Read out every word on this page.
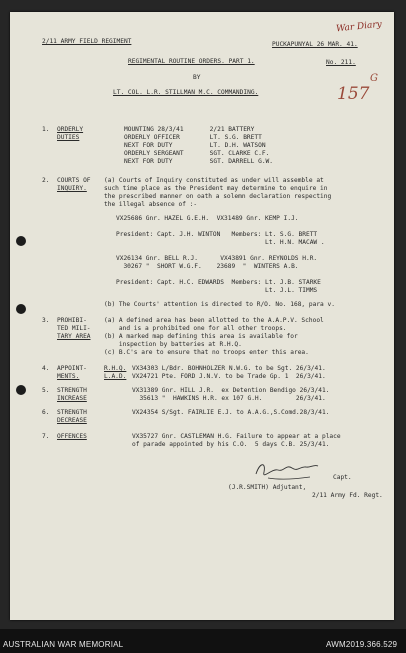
War Diary
157
G
2/11 ARMY FIELD REGIMENT	PUCKAPUNYAL 26 MAR. 41.
REGIMENTAL ROUTINE ORDERS. PART 1.	No. 211.
BY
LT. COL. L.R. STILLMAN M.C. COMMANDING.
1. ORDERLY
DUTIES
MOUNTING 28/3/41       2/21 BATTERY
ORDERLY OFFICER        LT. S.G. BRETT
NEXT FOR DUTY          LT. D.H. WATSON
ORDERLY SERGEANT       SGT. CLARKE C.F.
NEXT FOR DUTY          SGT. DARRELL G.W.
2. COURTS OF
INQUIRY.
(a) Courts of Inquiry constituted as under will assemble at
such time place as the President may determine to enquire in
the prescribed manner on oath a solemn declaration respecting
the illegal absence of :-
VX25686 Gnr. HAZEL G.E.H.  VX31489 Gnr. KEMP I.J.
President: Capt. J.H. WINTON   Members: Lt. S.G. BRETT
Lt. H.N. MACAW .
VX26134 Gnr. BELL R.J.      VX43891 Gnr. REYNOLDS H.R.
30267 "  SHORT W.G.F.    23689  "  WINTERS A.B.
President: Capt. H.C. EDWARDS  Members: Lt. J.B. STARKE
Lt. J.L. TIMMS
(b) The Courts' attention is directed to R/O. No. 168, para v.
3. PROHIBI-
TED MILI-
TARY AREA
(a) A defined area has been allotted to the A.A.P.V. School
and is a prohibited one for all other troops.
(b) A marked map defining this area is available for
inspection by batteries at R.H.Q.
(c) B.C's are to ensure that no troops enter this area.
4. APPOINT-
MENTS.
R.H.Q.
L.A.D.
VX34303 L/Bdr. BOHNHOLZER N.W.G. to be Sgt. 26/3/41.
VX24721 Pte. FORD J.N.V. to be Trade Gp. 1  26/3/41.
5. STRENGTH
INCREASE
VX31389 Gnr. HILL J.R.  ex Detention Bendigo 26/3/41.
35613 "  HAWKINS H.R. ex 107 G.H.         26/3/41.
6. STRENGTH
DECREASE
VX24354 S/Sgt. FAIRLIE E.J. to A.A.G.,S.Comd.28/3/41.
7. OFFENCES	VX35727 Gnr. CASTLEMAN H.G. Failure to appear at a place
of parade appointed by his C.O.  5 days C.B. 25/3/41.
Capt.
(J.R.SMITH) Adjutant,
2/11 Army Fd. Regt.
AUSTRALIAN WAR MEMORIAL	AWM2019.366.529
